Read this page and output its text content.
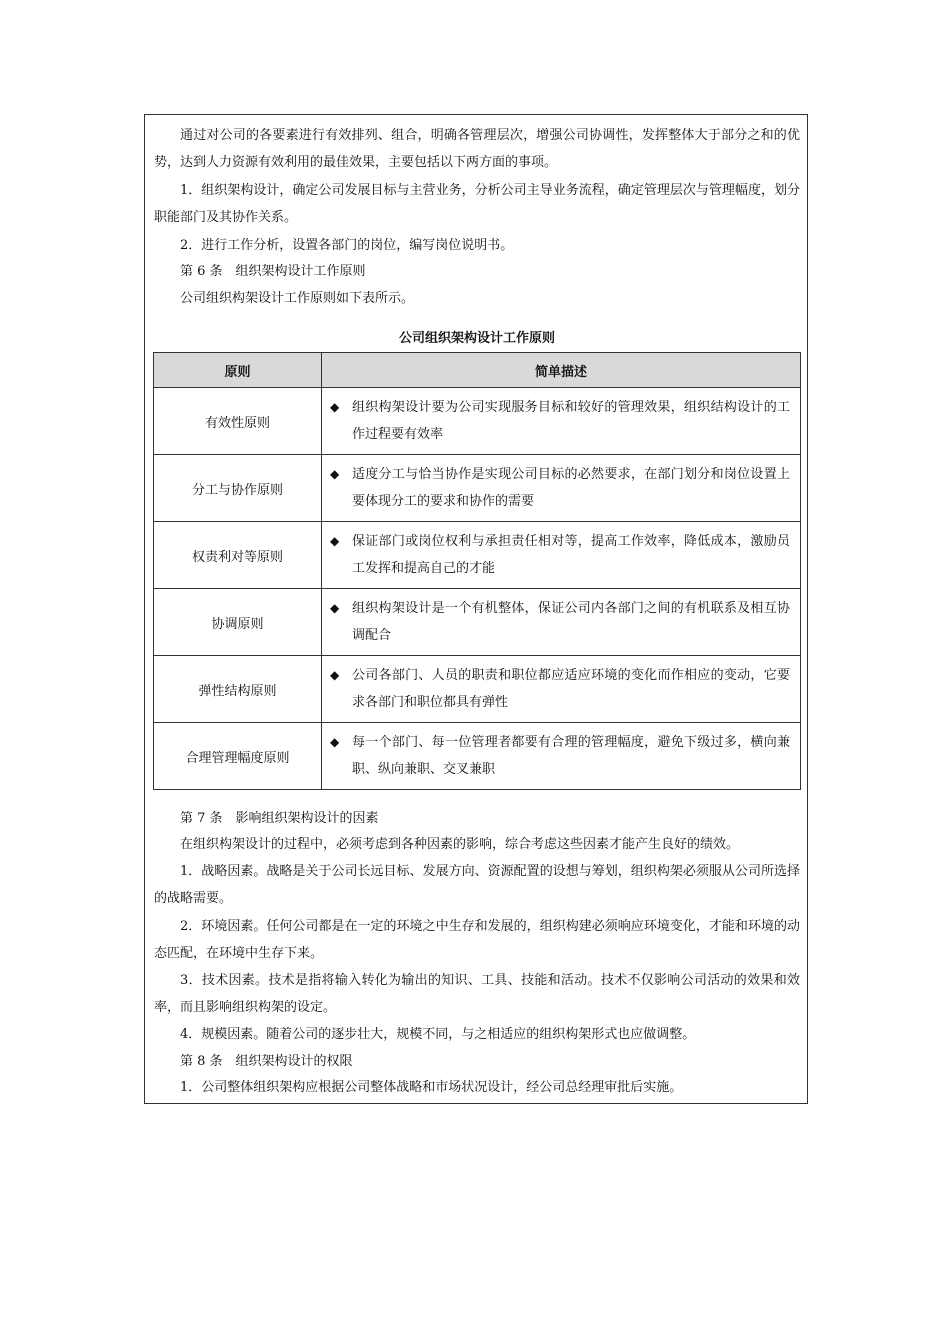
通过对公司的各要素进行有效排列、组合，明确各管理层次，增强公司协调性，发挥整体大于部分之和的优势，达到人力资源有效利用的最佳效果，主要包括以下两方面的事项。

1．组织架构设计，确定公司发展目标与主营业务，分析公司主导业务流程，确定管理层次与管理幅度，划分职能部门及其协作关系。

2．进行工作分析，设置各部门的岗位，编写岗位说明书。

第 6 条　组织架构设计工作原则

公司组织构架设计工作原则如下表所示。

公司组织架构设计工作原则
原则	简单描述
有效性原则	◆ 组织构架设计要为公司实现服务目标和较好的管理效果，组织结构设计的工作过程要有效率

分工与协作原则	◆ 适度分工与恰当协作是实现公司目标的必然要求，在部门划分和岗位设置上要体现分工的要求和协作的需要

权责利对等原则	◆ 保证部门或岗位权利与承担责任相对等，提高工作效率，降低成本，激励员工发挥和提高自己的才能

协调原则	◆ 组织构架设计是一个有机整体，保证公司内各部门之间的有机联系及相互协调配合

弹性结构原则	◆ 公司各部门、人员的职责和职位都应适应环境的变化而作相应的变动，它要求各部门和职位都具有弹性

合理管理幅度原则	◆ 每一个部门、每一位管理者都要有合理的管理幅度，避免下级过多，横向兼职、纵向兼职、交叉兼职

第 7 条　影响组织架构设计的因素

在组织构架设计的过程中，必须考虑到各种因素的影响，综合考虑这些因素才能产生良好的绩效。

1．战略因素。战略是关于公司长远目标、发展方向、资源配置的设想与筹划，组织构架必须服从公司所选择的战略需要。

2．环境因素。任何公司都是在一定的环境之中生存和发展的，组织构建必须响应环境变化，才能和环境的动态匹配，在环境中生存下来。

3．技术因素。技术是指将输入转化为输出的知识、工具、技能和活动。技术不仅影响公司活动的效果和效率，而且影响组织构架的设定。

4．规模因素。随着公司的逐步壮大，规模不同，与之相适应的组织构架形式也应做调整。

第 8 条　组织架构设计的权限

1．公司整体组织架构应根据公司整体战略和市场状况设计，经公司总经理审批后实施。
